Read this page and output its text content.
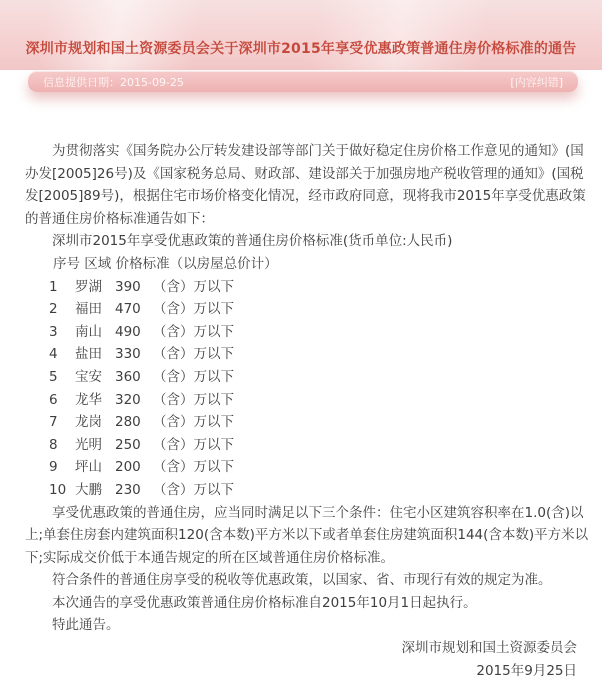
深圳市规划和国土资源委员会关于深圳市2015年享受优惠政策普通住房价格标准的通告
信息提供日期：2015-09-25	[内容纠错]
为贯彻落实《国务院办公厅转发建设部等部门关于做好稳定住房价格工作意见的通知》(国
办发[2005]26号)及《国家税务总局、财政部、建设部关于加强房地产税收管理的通知》(国税
发[2005]89号)，根据住宅市场价格变化情况，经市政府同意，现将我市2015年享受优惠政策
的普通住房价格标准通告如下：
深圳市2015年享受优惠政策的普通住房价格标准(货币单位:人民币)
序号 区域 价格标准（以房屋总价计）
1	罗湖 390 （含）万以下
2	福田 470 （含）万以下
3	南山 490 （含）万以下
4	盐田 330 （含）万以下
5	宝安 360 （含）万以下
6	龙华 320 （含）万以下
7	龙岗 280 （含）万以下
8	光明 250 （含）万以下
9	坪山 200 （含）万以下
10 大鹏 230 （含）万以下
享受优惠政策的普通住房，应当同时满足以下三个条件：住宅小区建筑容积率在1.0(含)以
上;单套住房套内建筑面积120(含本数)平方米以下或者单套住房建筑面积144(含本数)平方米以
下;实际成交价低于本通告规定的所在区域普通住房价格标准。
符合条件的普通住房享受的税收等优惠政策，以国家、省、市现行有效的规定为准。
本次通告的享受优惠政策普通住房价格标准自2015年10月1日起执行。
特此通告。
深圳市规划和国土资源委员会
2015年9月25日
